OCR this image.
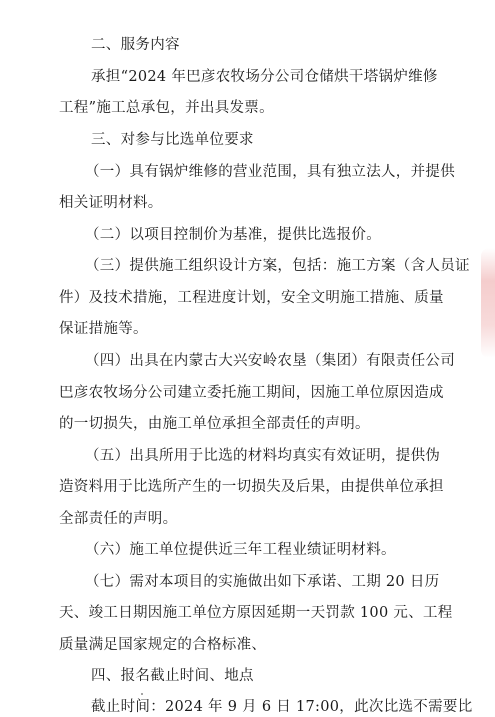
二、服务内容
承担“2024 年巴彦农牧场分公司仓储烘干塔锅炉维修
工程”施工总承包，并出具发票。
三、对参与比选单位要求
（一）具有锅炉维修的营业范围，具有独立法人，并提供
相关证明材料。
（二）以项目控制价为基准，提供比选报价。
（三）提供施工组织设计方案，包括：施工方案（含人员证
件）及技术措施，工程进度计划，安全文明施工措施、质量
保证措施等。
（四）出具在内蒙古大兴安岭农垦（集团）有限责任公司
巴彦农牧场分公司建立委托施工期间，因施工单位原因造成
的一切损失，由施工单位承担全部责任的声明。
（五）出具所用于比选的材料均真实有效证明，提供伪
造资料用于比选所产生的一切损失及后果，由提供单位承担
全部责任的声明。
（六）施工单位提供近三年工程业绩证明材料。
（七）需对本项目的实施做出如下承诺、工期 20 日历
天、竣工日期因施工单位方原因延期一天罚款 100 元、工程
质量满足国家规定的合格标准、
四、报名截止时间、地点
截止时间：2024 年 9 月 6 日 17:00，此次比选不需要比
